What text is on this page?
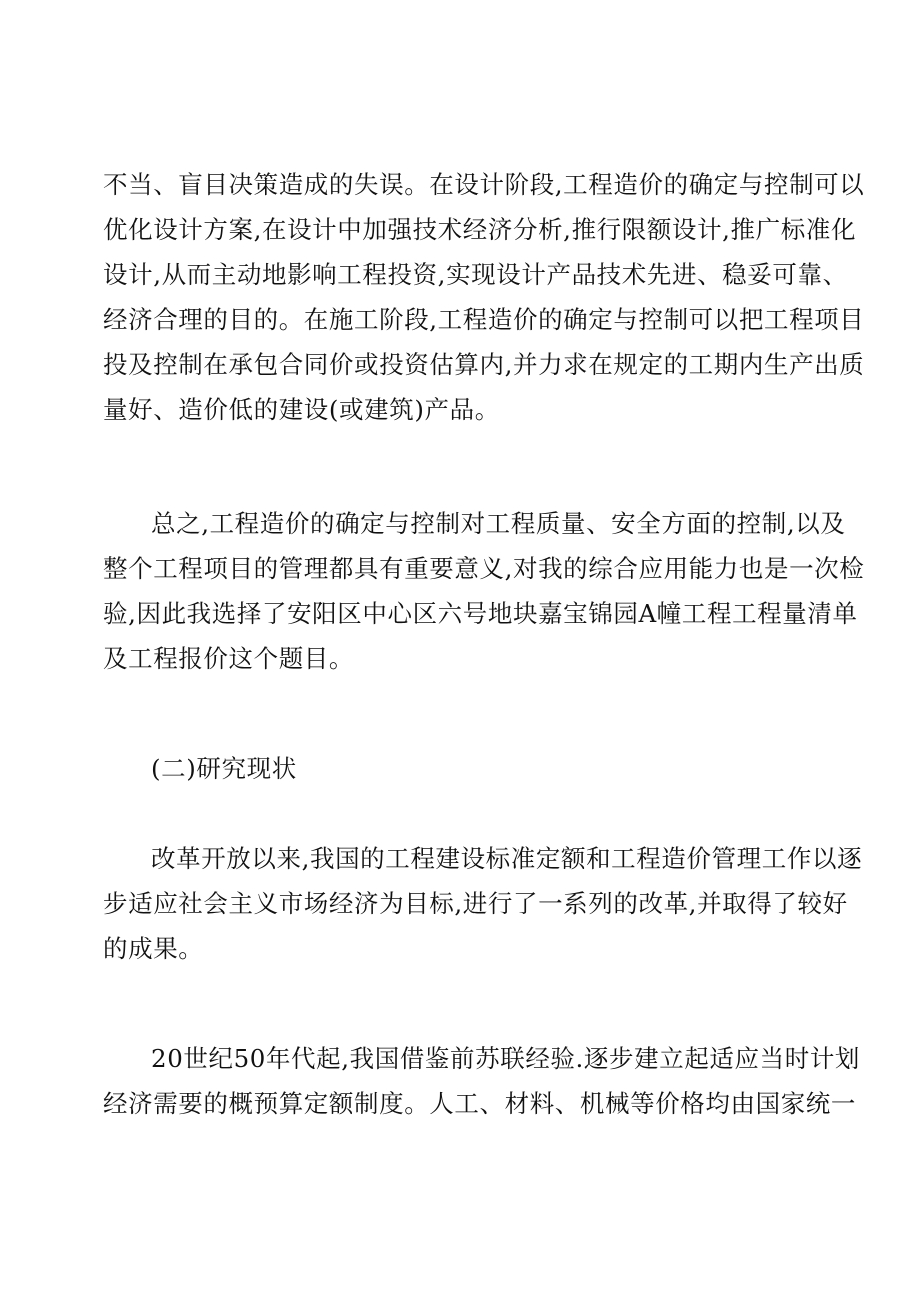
不当、盲目决策造成的失误。在设计阶段,工程造价的确定与控制可以
优化设计方案,在设计中加强技术经济分析,推行限额设计,推广标准化
设计,从而主动地影响工程投资,实现设计产品技术先进、稳妥可靠、
经济合理的目的。在施工阶段,工程造价的确定与控制可以把工程项目
投及控制在承包合同价或投资估算内,并力求在规定的工期内生产出质
量好、造价低的建设(或建筑)产品。
总之,工程造价的确定与控制对工程质量、安全方面的控制,以及
整个工程项目的管理都具有重要意义,对我的综合应用能力也是一次检
验,因此我选择了安阳区中心区六号地块嘉宝锦园A幢工程工程量清单
及工程报价这个题目。
(二)研究现状
改革开放以来,我国的工程建设标准定额和工程造价管理工作以逐
步适应社会主义市场经济为目标,进行了一系列的改革,并取得了较好
的成果。
20世纪50年代起,我国借鉴前苏联经验.逐步建立起适应当时计划
经济需要的概预算定额制度。人工、材料、机械等价格均由国家统一
